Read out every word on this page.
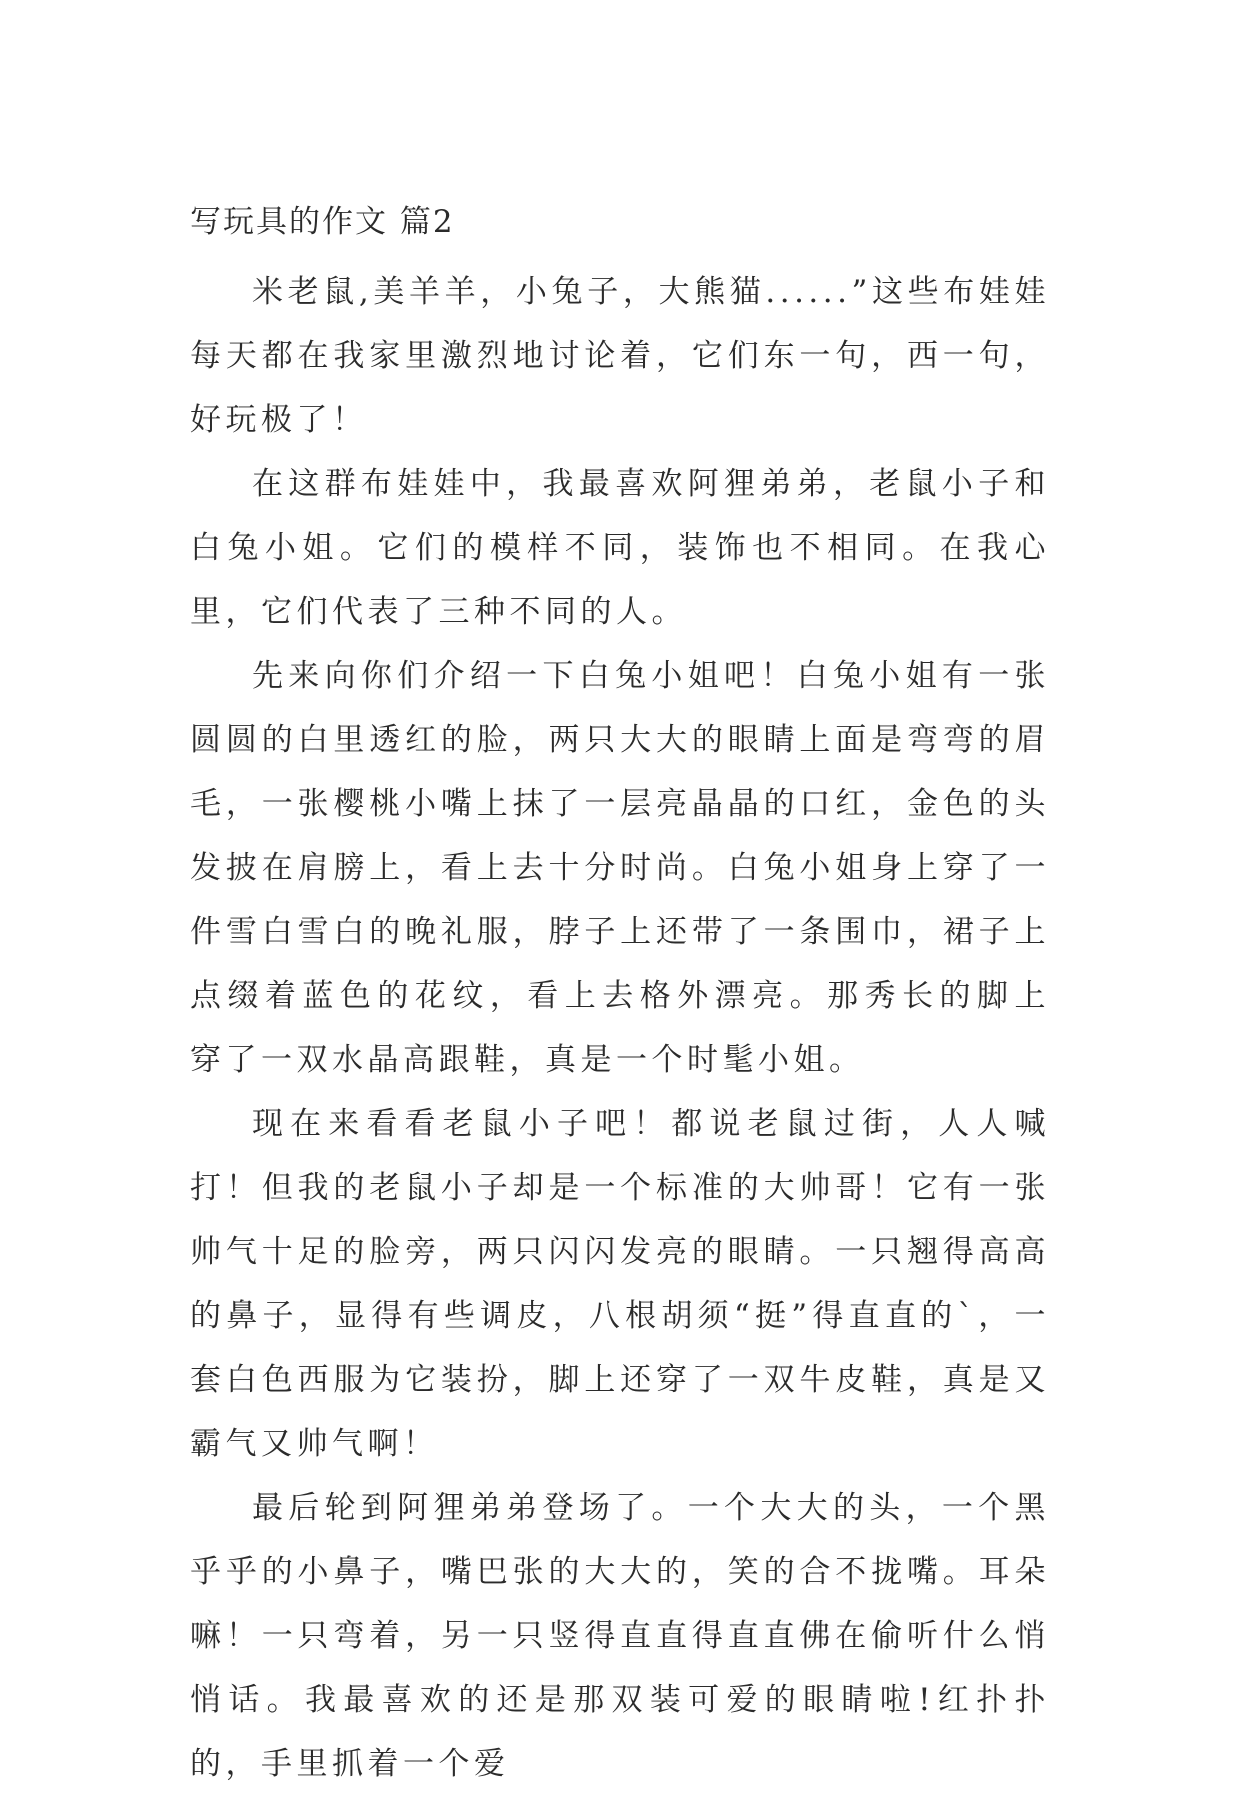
写玩具的作文 篇2

米老鼠,美羊羊，小兔子，大熊猫......”这些布娃娃每天都在我家里激烈地讨论着，它们东一句，西一句，好玩极了！

在这群布娃娃中，我最喜欢阿狸弟弟，老鼠小子和白兔小姐。它们的模样不同，装饰也不相同。在我心里，它们代表了三种不同的人。

先来向你们介绍一下白兔小姐吧！白兔小姐有一张圆圆的白里透红的脸，两只大大的眼睛上面是弯弯的眉毛，一张樱桃小嘴上抹了一层亮晶晶的口红，金色的头发披在肩膀上，看上去十分时尚。白兔小姐身上穿了一件雪白雪白的晚礼服，脖子上还带了一条围巾，裙子上点缀着蓝色的花纹，看上去格外漂亮。那秀长的脚上 穿了一双水晶高跟鞋，真是一个时髦小姐。

现在来看看老鼠小子吧！都说老鼠过街，人人喊打！但我的老鼠小子却是一个标准的大帅哥！它有一张帅气十足的脸旁，两只闪闪发亮的眼睛。一只翘得高高的鼻子，显得有些调皮，八根胡须“挺”得直直的`，一套白色西服为它装扮，脚上还穿了一双牛皮鞋，真是又霸气又帅气啊！

最后轮到阿狸弟弟登场了。一个大大的头，一个黑乎乎的小鼻子，嘴巴张的大大的，笑的合不拢嘴。耳朵嘛！一只弯着，另一只竖得直直得直直佛在偷听什么悄悄话。我最喜欢的还是那双装可爱的眼睛啦!红扑扑的，手里抓着一个爱
